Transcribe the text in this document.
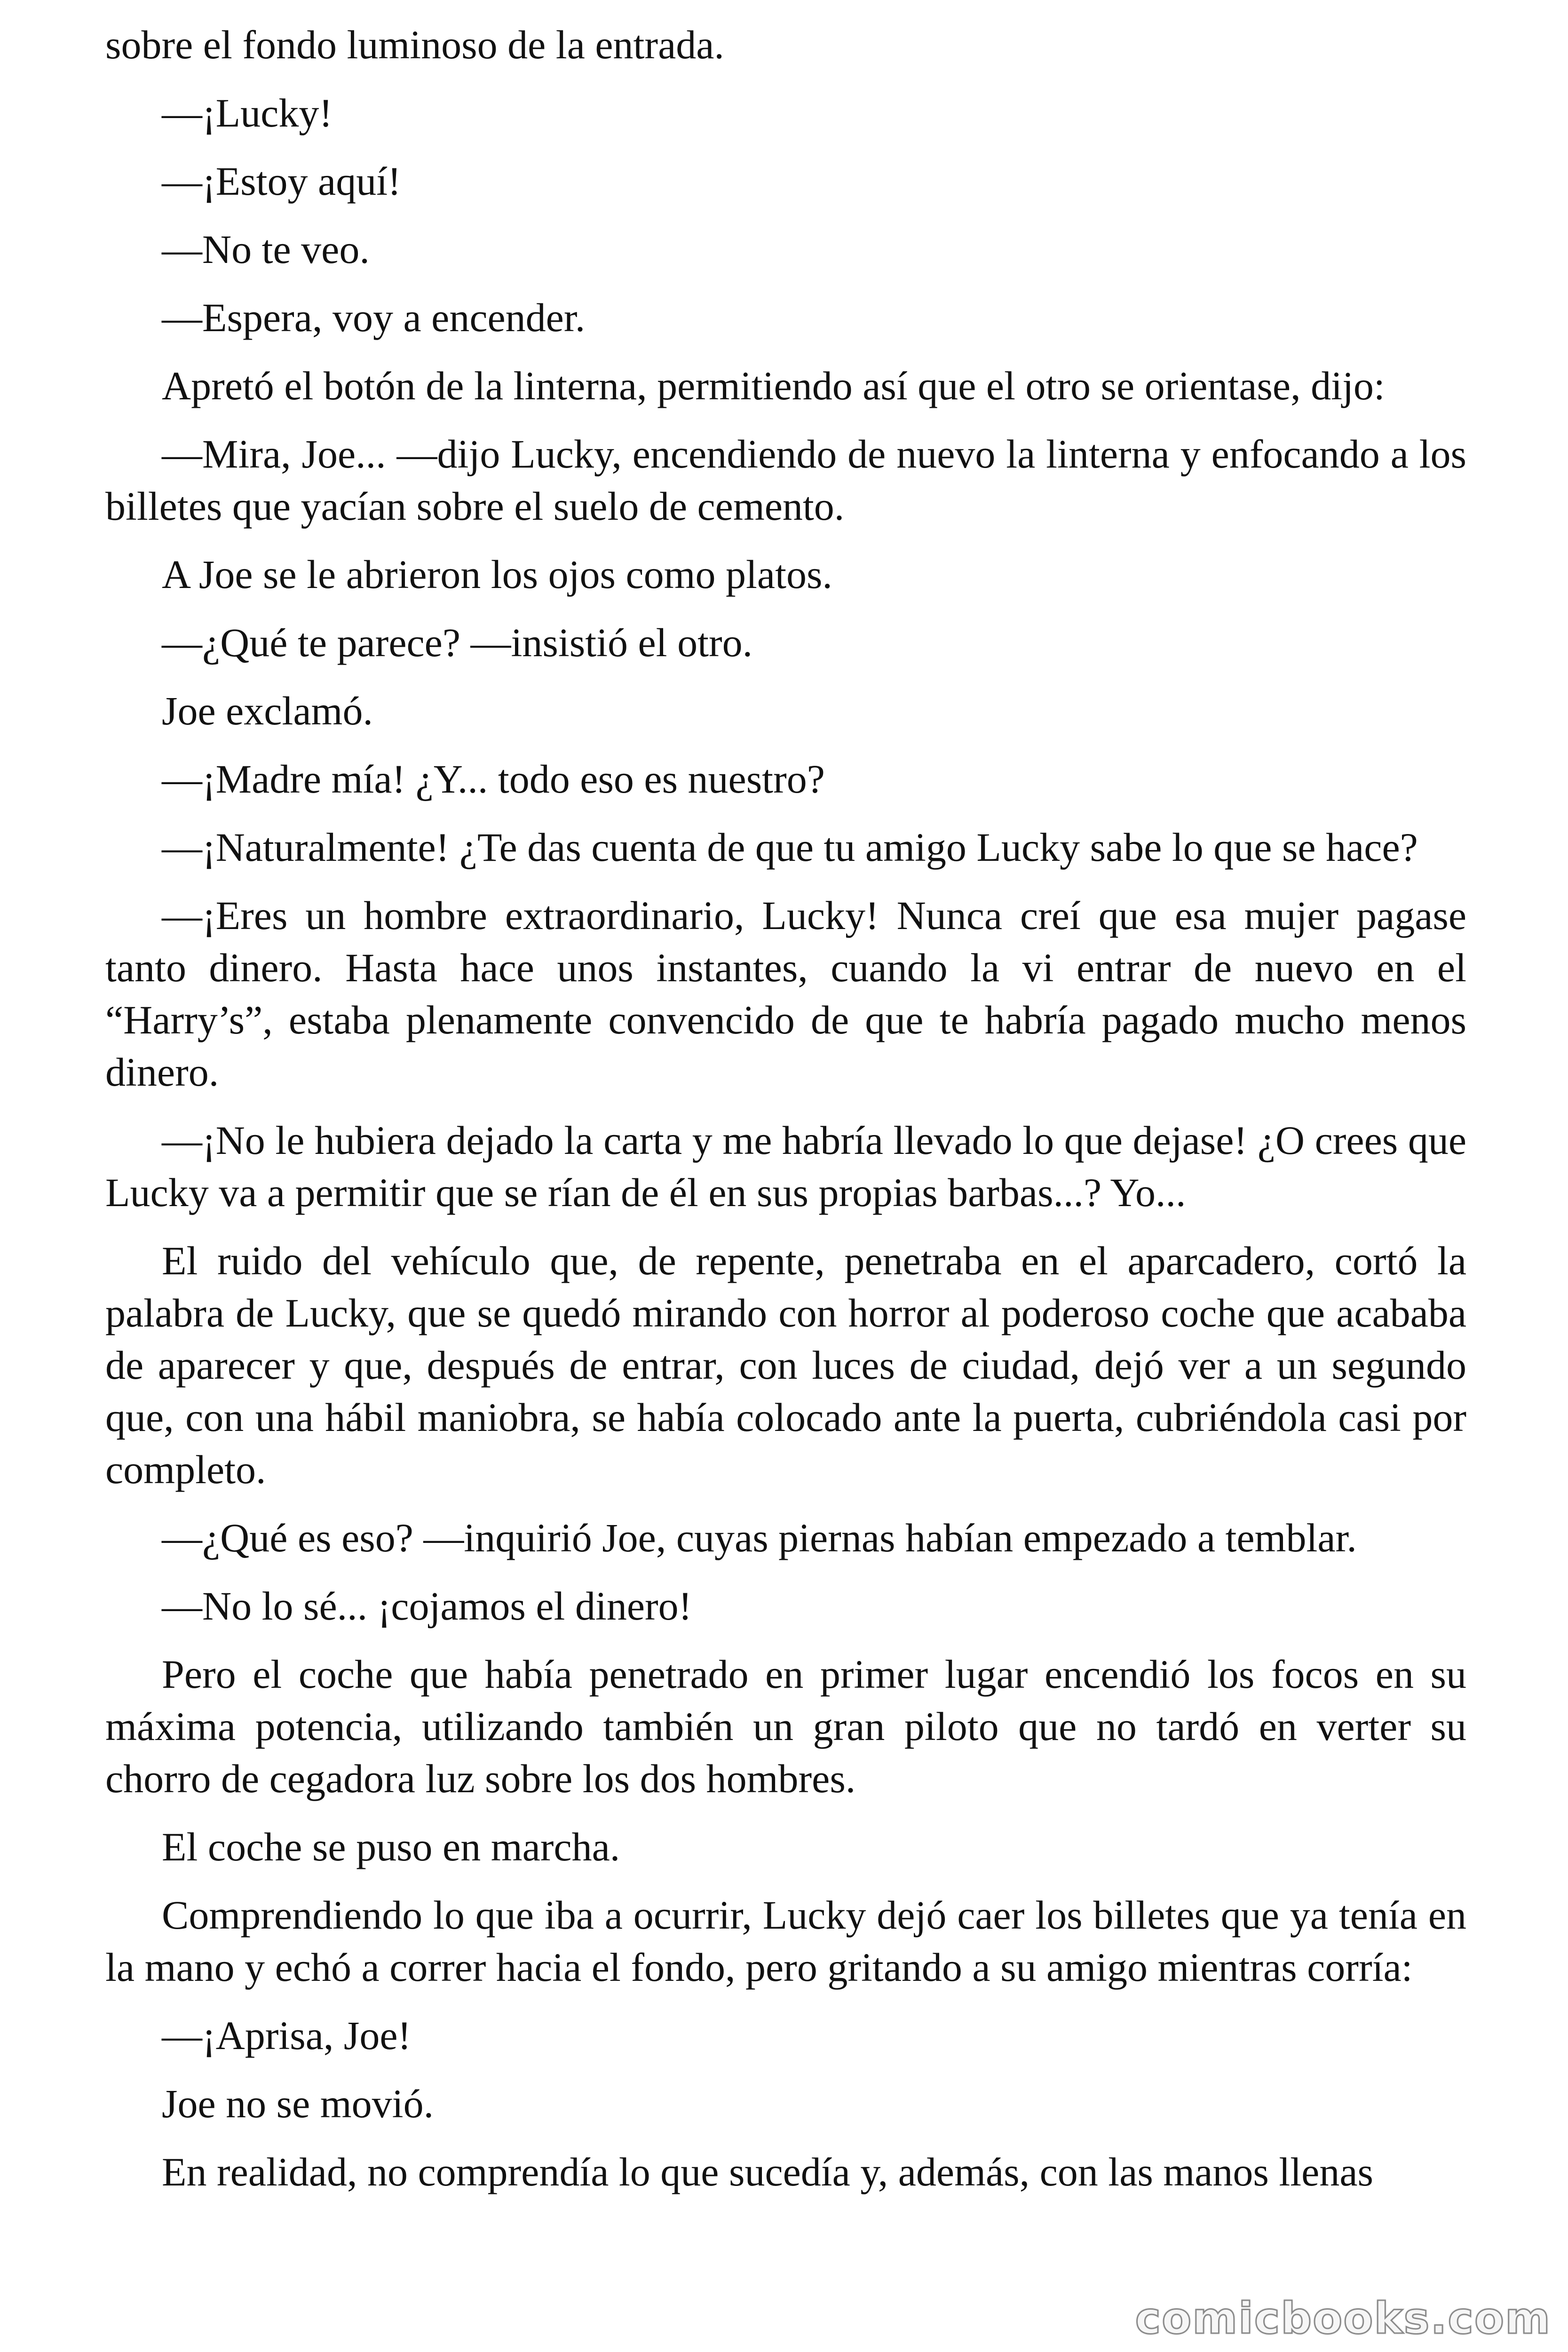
sobre el fondo luminoso de la entrada.

—¡Lucky!

—¡Estoy aquí!

—No te veo.

—Espera, voy a encender.

Apretó el botón de la linterna, permitiendo así que el otro se orientase, dijo:

—Mira, Joe... —dijo Lucky, encendiendo de nuevo la linterna y enfocando a los billetes que yacían sobre el suelo de cemento.

A Joe se le abrieron los ojos como platos.

—¿Qué te parece? —insistió el otro.

Joe exclamó.

—¡Madre mía! ¿Y... todo eso es nuestro?

—¡Naturalmente! ¿Te das cuenta de que tu amigo Lucky sabe lo que se hace?

—¡Eres un hombre extraordinario, Lucky! Nunca creí que esa mujer pagase tanto dinero. Hasta hace unos instantes, cuando la vi entrar de nuevo en el “Harry’s”, estaba plenamente convencido de que te habría pagado mucho menos dinero.

—¡No le hubiera dejado la carta y me habría llevado lo que dejase! ¿O crees que Lucky va a permitir que se rían de él en sus propias barbas...? Yo...

El ruido del vehículo que, de repente, penetraba en el aparcadero, cortó la palabra de Lucky, que se quedó mirando con horror al poderoso coche que acababa de aparecer y que, después de entrar, con luces de ciudad, dejó ver a un segundo que, con una hábil maniobra, se había colocado ante la puerta, cubriéndola casi por completo.

—¿Qué es eso? —inquirió Joe, cuyas piernas habían empezado a temblar.

—No lo sé... ¡cojamos el dinero!

Pero el coche que había penetrado en primer lugar encendió los focos en su máxima potencia, utilizando también un gran piloto que no tardó en verter su chorro de cegadora luz sobre los dos hombres.

El coche se puso en marcha.

Comprendiendo lo que iba a ocurrir, Lucky dejó caer los billetes que ya tenía en la mano y echó a correr hacia el fondo, pero gritando a su amigo mientras corría:

—¡Aprisa, Joe!

Joe no se movió.

En realidad, no comprendía lo que sucedía y, además, con las manos llenas

comicbooks.com
